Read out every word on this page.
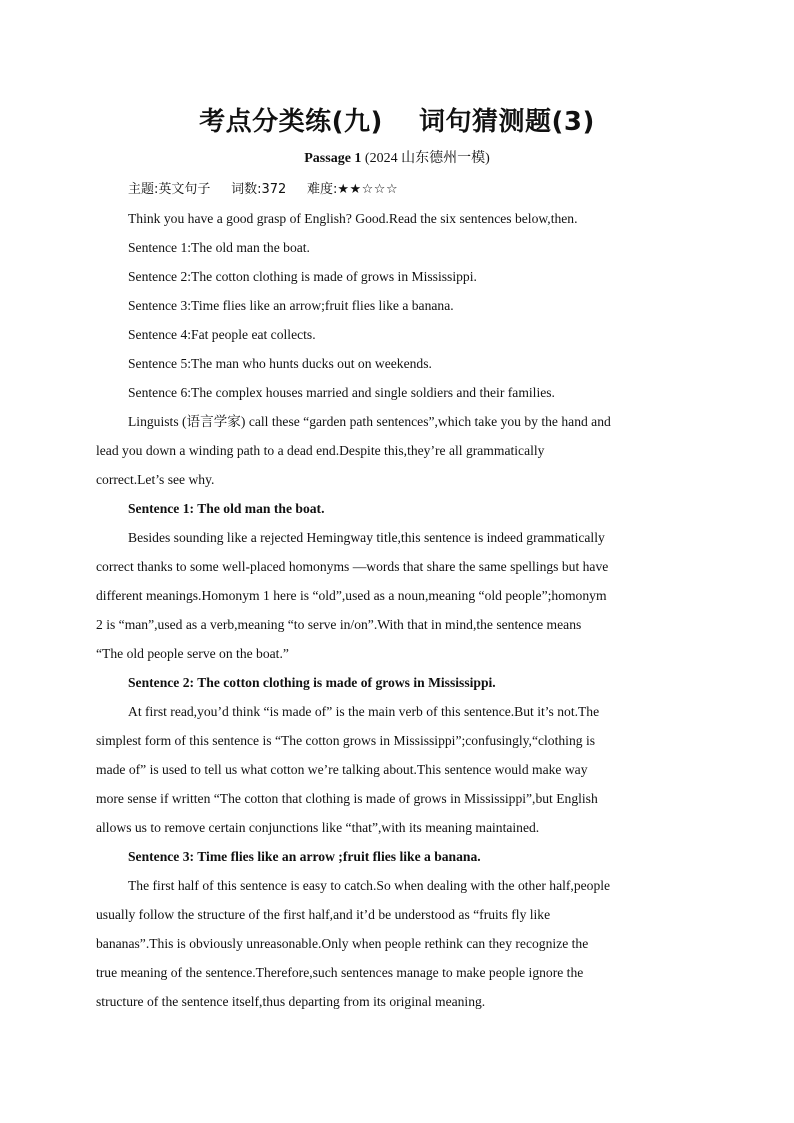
考点分类练(九)　 词句猜测题(3)
Passage 1 (2024 山东德州一模)
主题:英文句子 词数:372 难度:★★☆☆☆
Think you have a good grasp of English? Good.Read the six sentences below,then.
Sentence 1:The old man the boat.
Sentence 2:The cotton clothing is made of grows in Mississippi.
Sentence 3:Time flies like an arrow;fruit flies like a banana.
Sentence 4:Fat people eat collects.
Sentence 5:The man who hunts ducks out on weekends.
Sentence 6:The complex houses married and single soldiers and their families.
Linguists (语言学家) call these “garden path sentences”,which take you by the hand and
lead you down a winding path to a dead end.Despite this,they’re all grammatically
correct.Let’s see why.
Sentence 1: The old man the boat.
Besides sounding like a rejected Hemingway title,this sentence is indeed grammatically
correct thanks to some well-placed homonyms —words that share the same spellings but have
different meanings.Homonym 1 here is “old”,used as a noun,meaning “old people”;homonym
2 is “man”,used as a verb,meaning “to serve in/on”.With that in mind,the sentence means
“The old people serve on the boat.”
Sentence 2: The cotton clothing is made of grows in Mississippi.
At first read,you’d think “is made of” is the main verb of this sentence.But it’s not.The
simplest form of this sentence is “The cotton grows in Mississippi”;confusingly,“clothing is
made of” is used to tell us what cotton we’re talking about.This sentence would make way
more sense if written “The cotton that clothing is made of grows in Mississippi”,but English
allows us to remove certain conjunctions like “that”,with its meaning maintained.
Sentence 3: Time flies like an arrow ;fruit flies like a banana.
The first half of this sentence is easy to catch.So when dealing with the other half,people
usually follow the structure of the first half,and it’d be understood as “fruits fly like
bananas”.This is obviously unreasonable.Only when people rethink can they recognize the
true meaning of the sentence.Therefore,such sentences manage to make people ignore the
structure of the sentence itself,thus departing from its original meaning.
